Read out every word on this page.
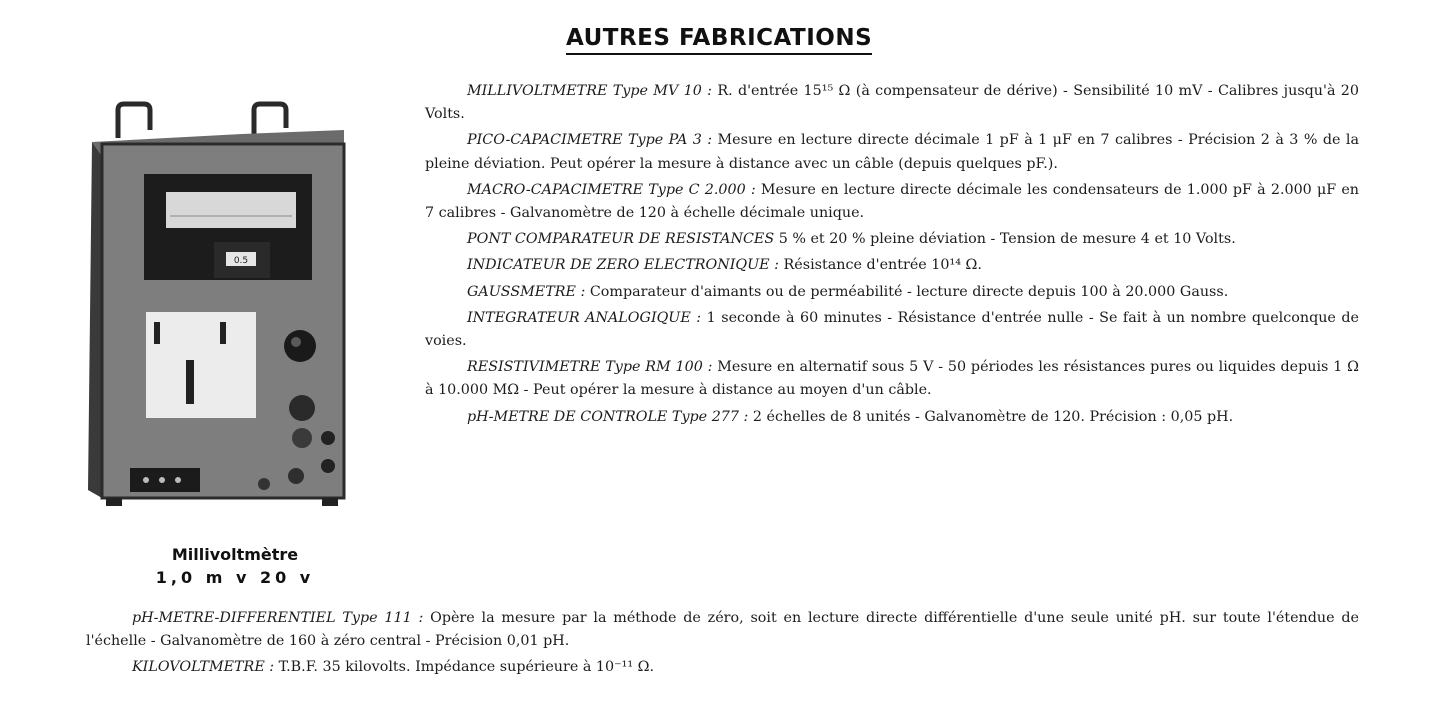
AUTRES FABRICATIONS
0.5
Millivoltmètre
1,0 m v 20 v

MILLIVOLTMETRE Type MV 10 : R. d'entrée 15¹⁵ Ω (à compensateur de dérive) - Sensibilité 10 mV - Calibres jusqu'à 20 Volts.

PICO-CAPACIMETRE Type PA 3 : Mesure en lecture directe décimale 1 pF à 1 μF en 7 calibres - Précision 2 à 3 % de la pleine déviation. Peut opérer la mesure à distance avec un câble (depuis quelques pF.).

MACRO-CAPACIMETRE Type C 2.000 : Mesure en lecture directe décimale les condensateurs de 1.000 pF à 2.000 μF en 7 calibres - Galvanomètre de 120 à échelle décimale unique.

PONT COMPARATEUR DE RESISTANCES 5 % et 20 % pleine déviation - Tension de mesure 4 et 10 Volts.

INDICATEUR DE ZERO ELECTRONIQUE : Résistance d'entrée 10¹⁴ Ω.

GAUSSMETRE : Comparateur d'aimants ou de perméabilité - lecture directe depuis 100 à 20.000 Gauss.

INTEGRATEUR ANALOGIQUE : 1 seconde à 60 minutes - Résistance d'entrée nulle - Se fait à un nombre quelconque de voies.

RESISTIVIMETRE Type RM 100 : Mesure en alternatif sous 5 V - 50 périodes les résistances pures ou liquides depuis 1 Ω à 10.000 MΩ - Peut opérer la mesure à distance au moyen d'un câble.

pH-METRE DE CONTROLE Type 277 : 2 échelles de 8 unités - Galvanomètre de 120. Précision : 0,05 pH.

pH-METRE-DIFFERENTIEL Type 111 : Opère la mesure par la méthode de zéro, soit en lecture directe différentielle d'une seule unité pH. sur toute l'étendue de l'échelle - Galvanomètre de 160 à zéro central - Précision 0,01 pH.

KILOVOLTMETRE : T.B.F. 35 kilovolts. Impédance supérieure à 10⁻¹¹ Ω.
